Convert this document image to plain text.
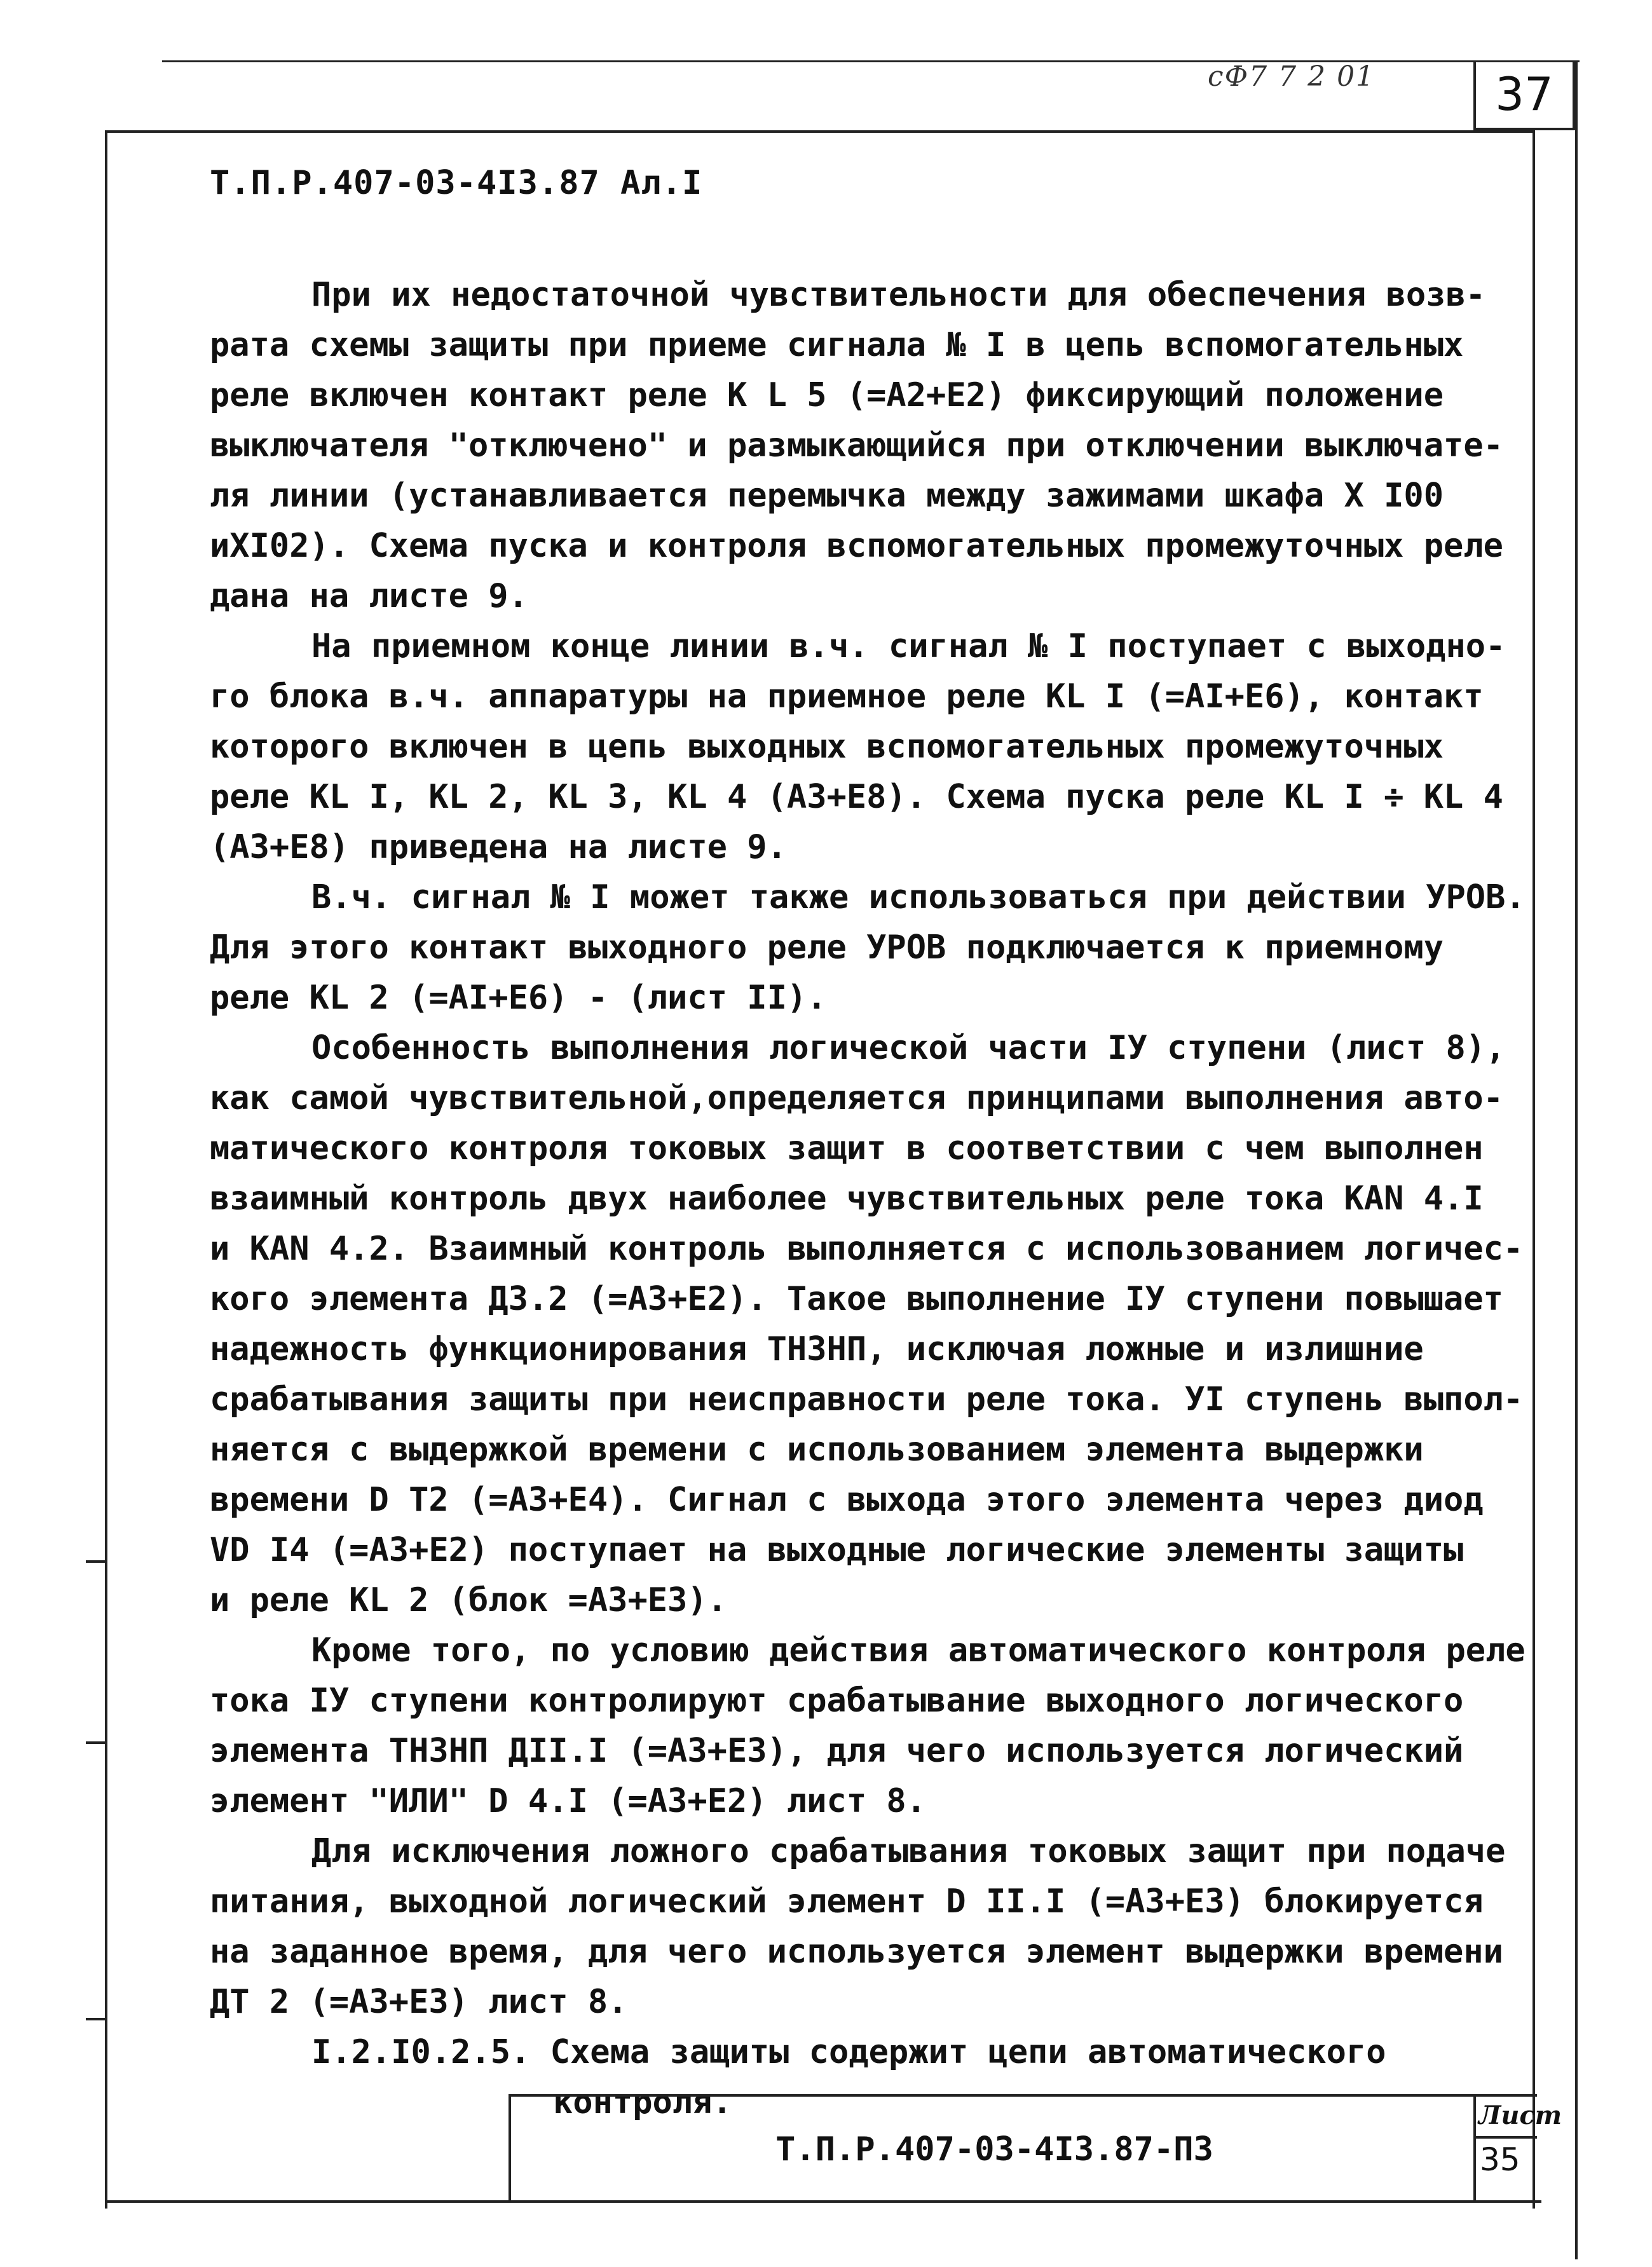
сФ7 7 2 01	37
Т.П.Р.407-03-4I3.87 Ал.I
При их недостаточной чувствительности для обеспечения возв-
рата схемы защиты при приеме сигнала № I в цепь вспомогательных
реле включен контакт реле K L 5 (=А2+Е2) фиксирующий положение
выключателя "отключено" и размыкающийся при отключении выключате-
ля линии (устанавливается перемычка между зажимами шкафа X I00
иХI02). Схема пуска и контроля вспомогательных промежуточных реле
дана на листе 9.
На приемном конце линии в.ч. сигнал № I поступает с выходно-
го блока в.ч. аппаратуры на приемное реле KL I (=АI+Е6), контакт
которого включен в цепь выходных вспомогательных промежуточных
реле KL I, KL 2, KL 3, KL 4 (А3+Е8). Схема пуска реле KL I ÷ KL 4
(А3+Е8) приведена на листе 9.
В.ч. сигнал № I может также использоваться при действии УРОВ.
Для этого контакт выходного реле УРОВ подключается к приемному
реле KL 2 (=АI+Е6) - (лист II).
Особенность выполнения логической части IУ ступени (лист 8),
как самой чувствительной,определяется принципами выполнения авто-
матического контроля токовых защит в соответствии с чем выполнен
взаимный контроль двух наиболее чувствительных реле тока KAN 4.I
и KAN 4.2. Взаимный контроль выполняется с использованием логичес-
кого элемента Д3.2 (=А3+Е2). Такое выполнение IУ ступени повышает
надежность функционирования ТНЗНП, исключая ложные и излишние
срабатывания защиты при неисправности реле тока. УI ступень выпол-
няется с выдержкой времени с использованием элемента выдержки
времени D T2 (=А3+Е4). Сигнал с выхода этого элемента через диод
VD I4 (=А3+Е2) поступает на выходные логические элементы защиты
и реле KL 2 (блок =А3+Е3).
Кроме того, по условию действия автоматического контроля реле
тока IУ ступени контролируют срабатывание выходного логического
элемента ТНЗНП ДII.I (=А3+Е3), для чего используется логический
элемент "ИЛИ" D 4.I (=А3+Е2) лист 8.
Для исключения ложного срабатывания токовых защит при подаче
питания, выходной логический элемент D II.I (=А3+Е3) блокируется
на заданное время, для чего используется элемент выдержки времени
ДТ 2 (=А3+Е3) лист 8.
I.2.I0.2.5. Схема защиты содержит цепи автоматического
контроля.
Т.П.Р.407-03-4I3.87-ПЗ
Лист
35
